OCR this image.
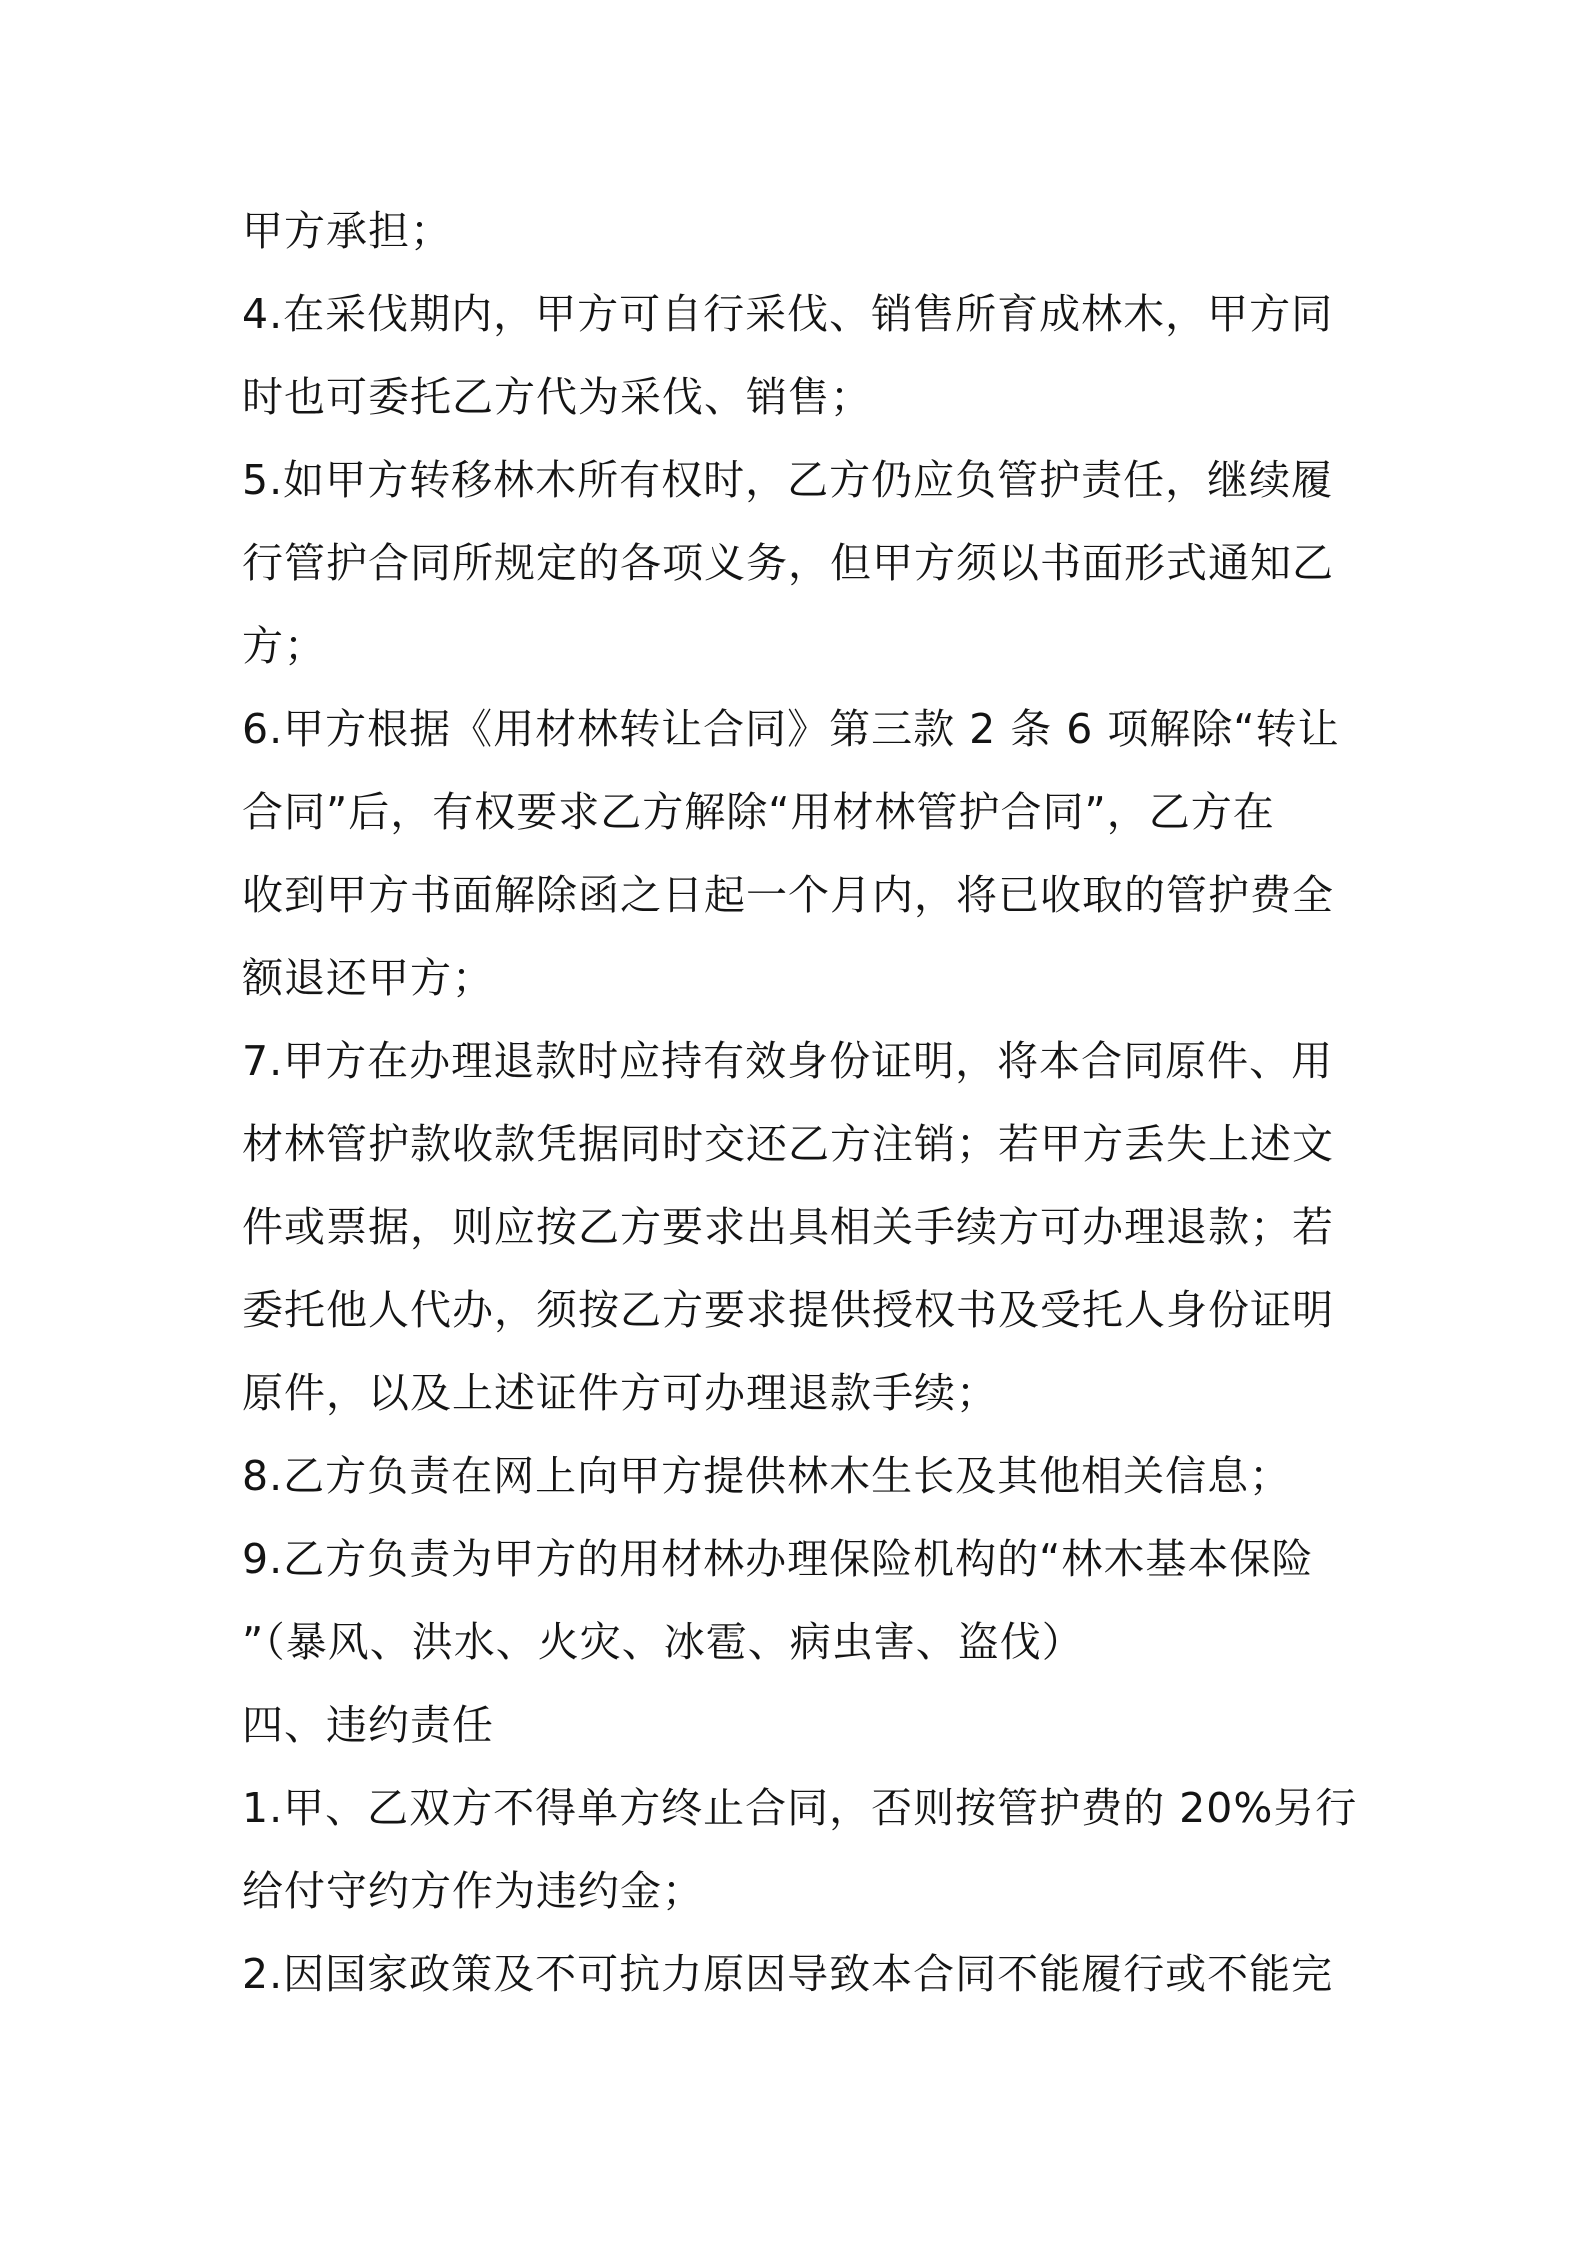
甲方承担；
4.在采伐期内，甲方可自行采伐、销售所育成林木，甲方同
时也可委托乙方代为采伐、销售；
5.如甲方转移林木所有权时，乙方仍应负管护责任，继续履
行管护合同所规定的各项义务，但甲方须以书面形式通知乙
方；
6.甲方根据《用材林转让合同》第三款 2 条 6 项解除“转让
合同”后，有权要求乙方解除“用材林管护合同”，乙方在
收到甲方书面解除函之日起一个月内，将已收取的管护费全
额退还甲方；
7.甲方在办理退款时应持有效身份证明，将本合同原件、用
材林管护款收款凭据同时交还乙方注销；若甲方丢失上述文
件或票据，则应按乙方要求出具相关手续方可办理退款；若
委托他人代办，须按乙方要求提供授权书及受托人身份证明
原件，以及上述证件方可办理退款手续；
8.乙方负责在网上向甲方提供林木生长及其他相关信息；
9.乙方负责为甲方的用材林办理保险机构的“林木基本保险
”（暴风、洪水、火灾、冰雹、病虫害、盗伐）
四、违约责任
1.甲、乙双方不得单方终止合同，否则按管护费的 20%另行
给付守约方作为违约金；
2.因国家政策及不可抗力原因导致本合同不能履行或不能完
